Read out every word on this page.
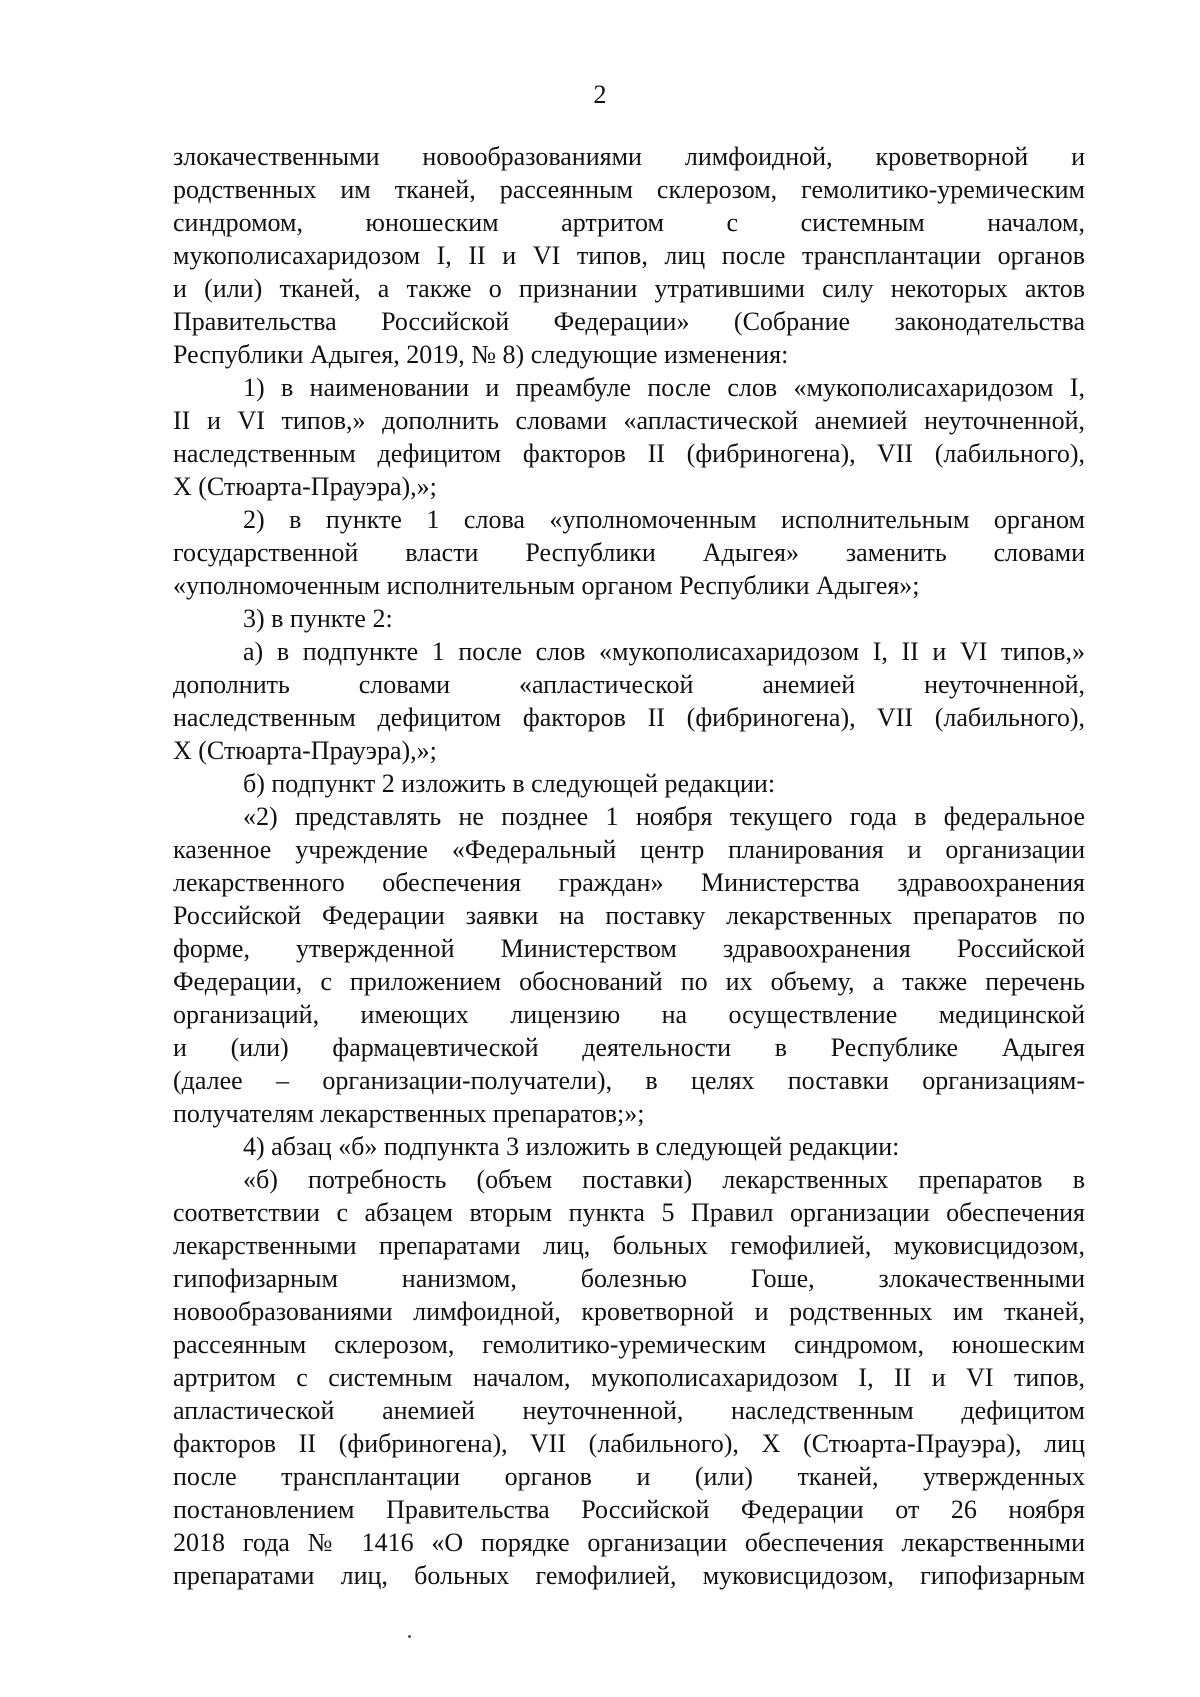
2
злокачественными новообразованиями лимфоидной, кроветворной и
родственных им тканей, рассеянным склерозом, гемолитико-уремическим
синдромом, юношеским артритом с системным началом,
мукополисахаридозом I, II и VI типов, лиц после трансплантации органов
и (или) тканей, а также о признании утратившими силу некоторых актов
Правительства Российской Федерации» (Собрание законодательства
Республики Адыгея, 2019, № 8) следующие изменения:
1) в наименовании и преамбуле после слов «мукополисахаридозом I,
II и VI типов,» дополнить словами «апластической анемией неуточненной,
наследственным дефицитом факторов II (фибриногена), VII (лабильного),
X (Стюарта-Прауэра),»;
2) в пункте 1 слова «уполномоченным исполнительным органом
государственной власти Республики Адыгея» заменить словами
«уполномоченным исполнительным органом Республики Адыгея»;
3) в пункте 2:
а) в подпункте 1 после слов «мукополисахаридозом I, II и VI типов,»
дополнить словами «апластической анемией неуточненной,
наследственным дефицитом факторов II (фибриногена), VII (лабильного),
X (Стюарта-Прауэра),»;
б) подпункт 2 изложить в следующей редакции:
«2) представлять не позднее 1 ноября текущего года в федеральное
казенное учреждение «Федеральный центр планирования и организации
лекарственного обеспечения граждан» Министерства здравоохранения
Российской Федерации заявки на поставку лекарственных препаратов по
форме, утвержденной Министерством здравоохранения Российской
Федерации, с приложением обоснований по их объему, а также перечень
организаций, имеющих лицензию на осуществление медицинской
и (или) фармацевтической деятельности в Республике Адыгея
(далее – организации-получатели), в целях поставки организациям-
получателям лекарственных препаратов;»;
4) абзац «б» подпункта 3 изложить в следующей редакции:
«б) потребность (объем поставки) лекарственных препаратов в
соответствии с абзацем вторым пункта 5 Правил организации обеспечения
лекарственными препаратами лиц, больных гемофилией, муковисцидозом,
гипофизарным нанизмом, болезнью Гоше, злокачественными
новообразованиями лимфоидной, кроветворной и родственных им тканей,
рассеянным склерозом, гемолитико-уремическим синдромом, юношеским
артритом с системным началом, мукополисахаридозом I, II и VI типов,
апластической анемией неуточненной, наследственным дефицитом
факторов II (фибриногена), VII (лабильного), X (Стюарта-Прауэра), лиц
после трансплантации органов и (или) тканей, утвержденных
постановлением Правительства Российской Федерации от 26 ноября
2018 года № 1416 «О порядке организации обеспечения лекарственными
препаратами лиц, больных гемофилией, муковисцидозом, гипофизарным
